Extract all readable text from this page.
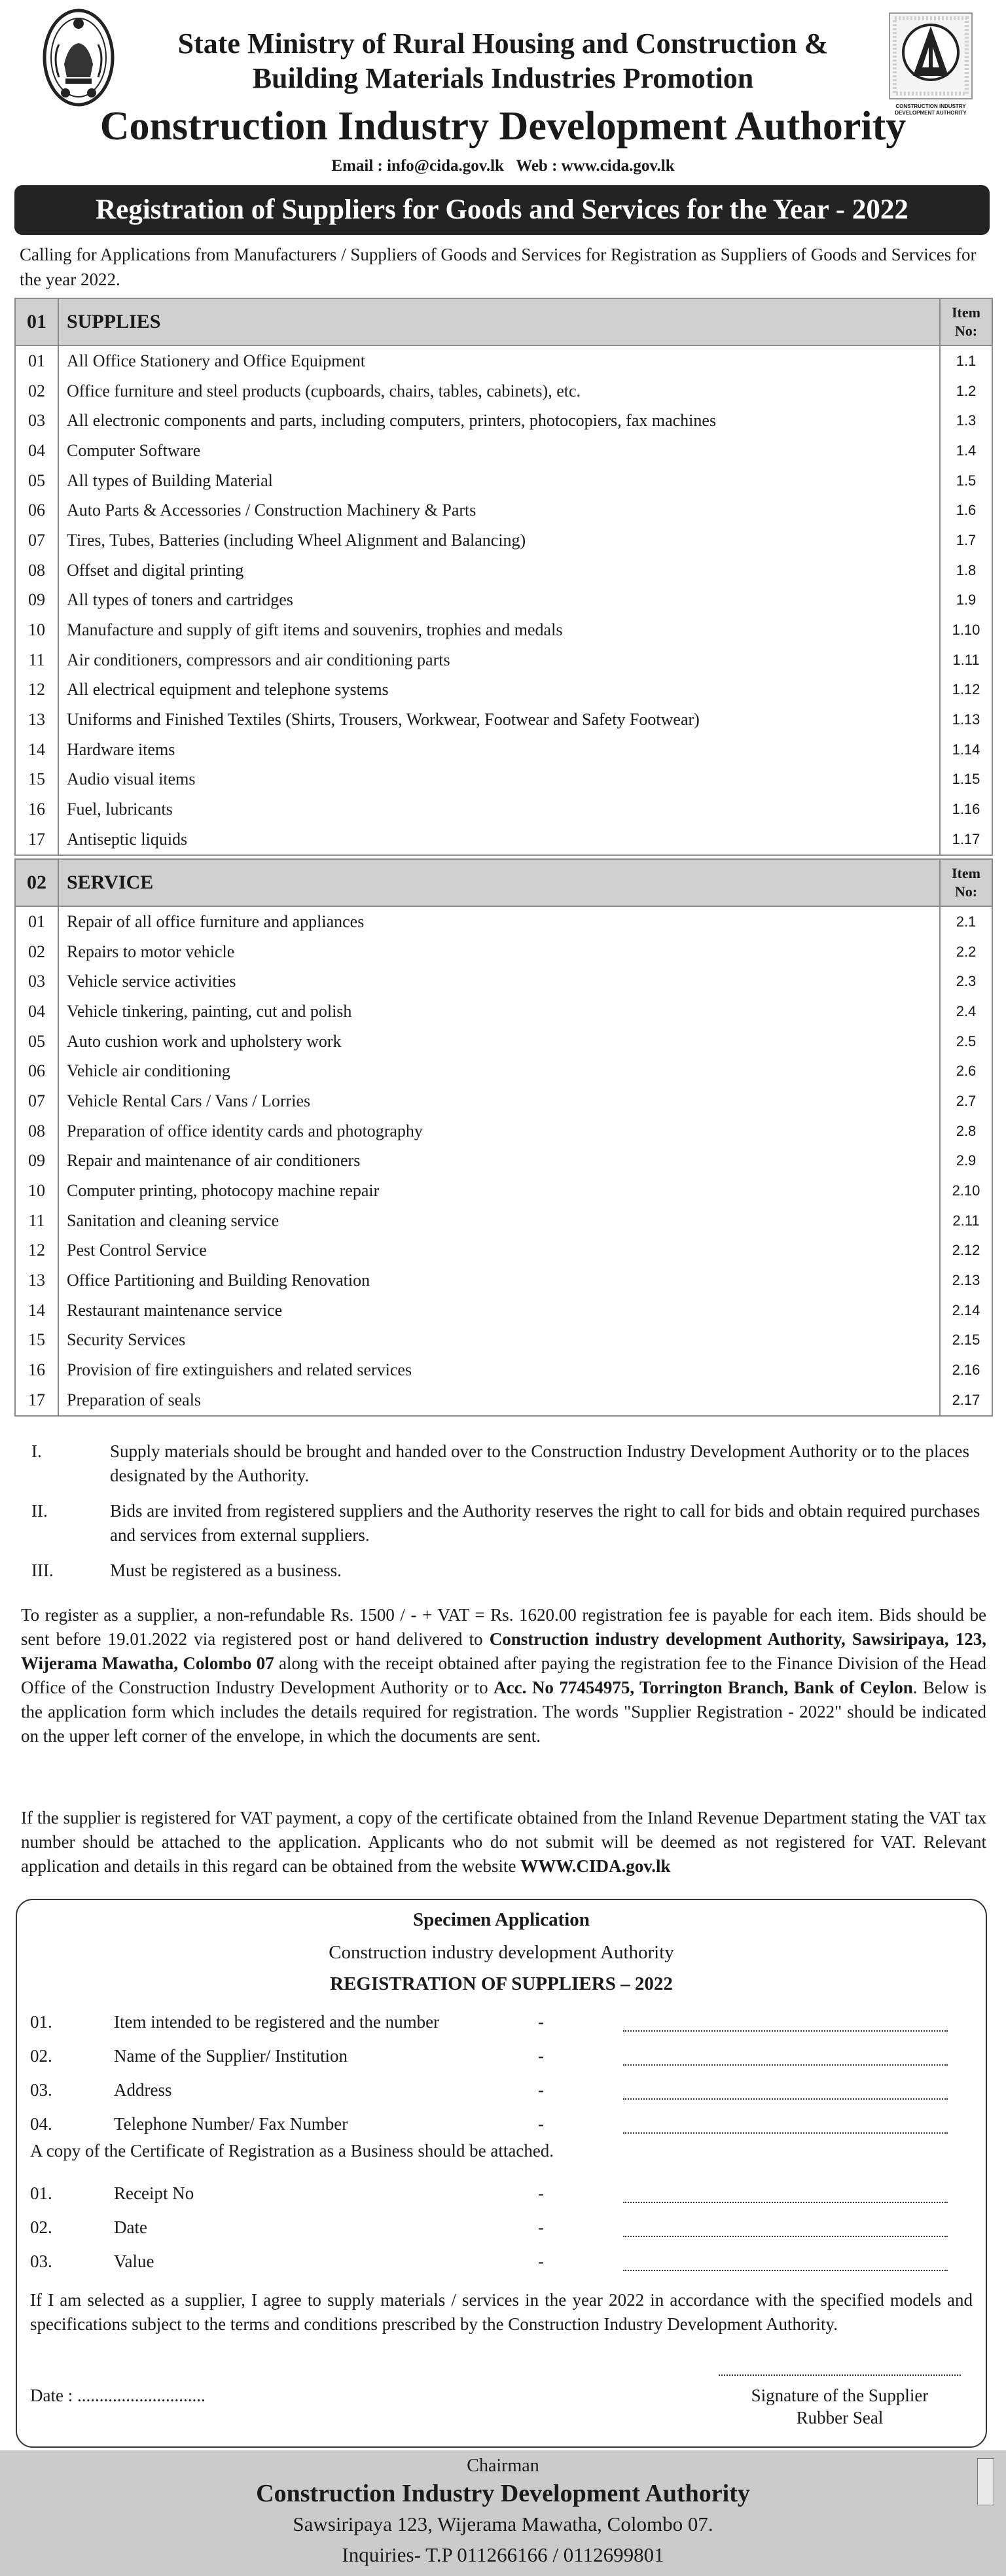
State Ministry of Rural Housing and Construction &
Building Materials Industries Promotion
CONSTRUCTION INDUSTRY DEVELOPMENT AUTHORITY
Construction Industry Development Authority
Email : info@cida.gov.lk Web : www.cida.gov.lk
Registration of Suppliers for Goods and Services for the Year - 2022
Calling for Applications from Manufacturers / Suppliers of Goods and Services for Registration as Suppliers of Goods and Services for the year 2022.
01	SUPPLIES	Item
No:
01	All Office Stationery and Office Equipment	1.1
02	Office furniture and steel products (cupboards, chairs, tables, cabinets), etc.	1.2
03	All electronic components and parts, including computers, printers, photocopiers, fax machines	1.3
04	Computer Software	1.4
05	All types of Building Material	1.5
06	Auto Parts & Accessories / Construction Machinery & Parts	1.6
07	Tires, Tubes, Batteries (including Wheel Alignment and Balancing)	1.7
08	Offset and digital printing	1.8
09	All types of toners and cartridges	1.9
10	Manufacture and supply of gift items and souvenirs, trophies and medals	1.10
11	Air conditioners, compressors and air conditioning parts	1.11
12	All electrical equipment and telephone systems	1.12
13	Uniforms and Finished Textiles (Shirts, Trousers, Workwear, Footwear and Safety Footwear)	1.13
14	Hardware items	1.14
15	Audio visual items	1.15
16	Fuel, lubricants	1.16
17	Antiseptic liquids	1.17
02	SERVICE	Item
No:
01	Repair of all office furniture and appliances	2.1
02	Repairs to motor vehicle	2.2
03	Vehicle service activities	2.3
04	Vehicle tinkering, painting, cut and polish	2.4
05	Auto cushion work and upholstery work	2.5
06	Vehicle air conditioning	2.6
07	Vehicle Rental Cars / Vans / Lorries	2.7
08	Preparation of office identity cards and photography	2.8
09	Repair and maintenance of air conditioners	2.9
10	Computer printing, photocopy machine repair	2.10
11	Sanitation and cleaning service	2.11
12	Pest Control Service	2.12
13	Office Partitioning and Building Renovation	2.13
14	Restaurant maintenance service	2.14
15	Security Services	2.15
16	Provision of fire extinguishers and related services	2.16
17	Preparation of seals	2.17
I.	Supply materials should be brought and handed over to the Construction Industry Development Authority or to the places designated by the Authority.
II.	Bids are invited from registered suppliers and the Authority reserves the right to call for bids and obtain required purchases and services from external suppliers.
III.	Must be registered as a business.
To register as a supplier, a non-refundable Rs. 1500 / - + VAT = Rs. 1620.00 registration fee is payable for each item. Bids should be sent before 19.01.2022 via registered post or hand delivered to Construction industry development Authority, Sawsiripaya, 123, Wijerama Mawatha, Colombo 07 along with the receipt obtained after paying the registration fee to the Finance Division of the Head Office of the Construction Industry Development Authority or to Acc. No 77454975, Torrington Branch, Bank of Ceylon. Below is the application form which includes the details required for registration. The words "Supplier Registration - 2022" should be indicated on the upper left corner of the envelope, in which the documents are sent.
If the supplier is registered for VAT payment, a copy of the certificate obtained from the Inland Revenue Department stating the VAT tax number should be attached to the application. Applicants who do not submit will be deemed as not registered for VAT. Relevant application and details in this regard can be obtained from the website WWW.CIDA.gov.lk
Specimen Application
Construction industry development Authority
REGISTRATION OF SUPPLIERS – 2022
01.	Item intended to be registered and the number	-
02.	Name of the Supplier/ Institution	-
03.	Address	-
04.	Telephone Number/ Fax Number	-
A copy of the Certificate of Registration as a Business should be attached.
01.	Receipt No	-
02.	Date	-
03.	Value	-
If I am selected as a supplier, I agree to supply materials / services in the year 2022 in accordance with the specified models and specifications subject to the terms and conditions prescribed by the Construction Industry Development Authority.
Date : .............................	Signature of the Supplier
Rubber Seal
Chairman
Construction Industry Development Authority
Sawsiripaya 123, Wijerama Mawatha, Colombo 07.
Inquiries- T.P 011266166 / 0112699801
